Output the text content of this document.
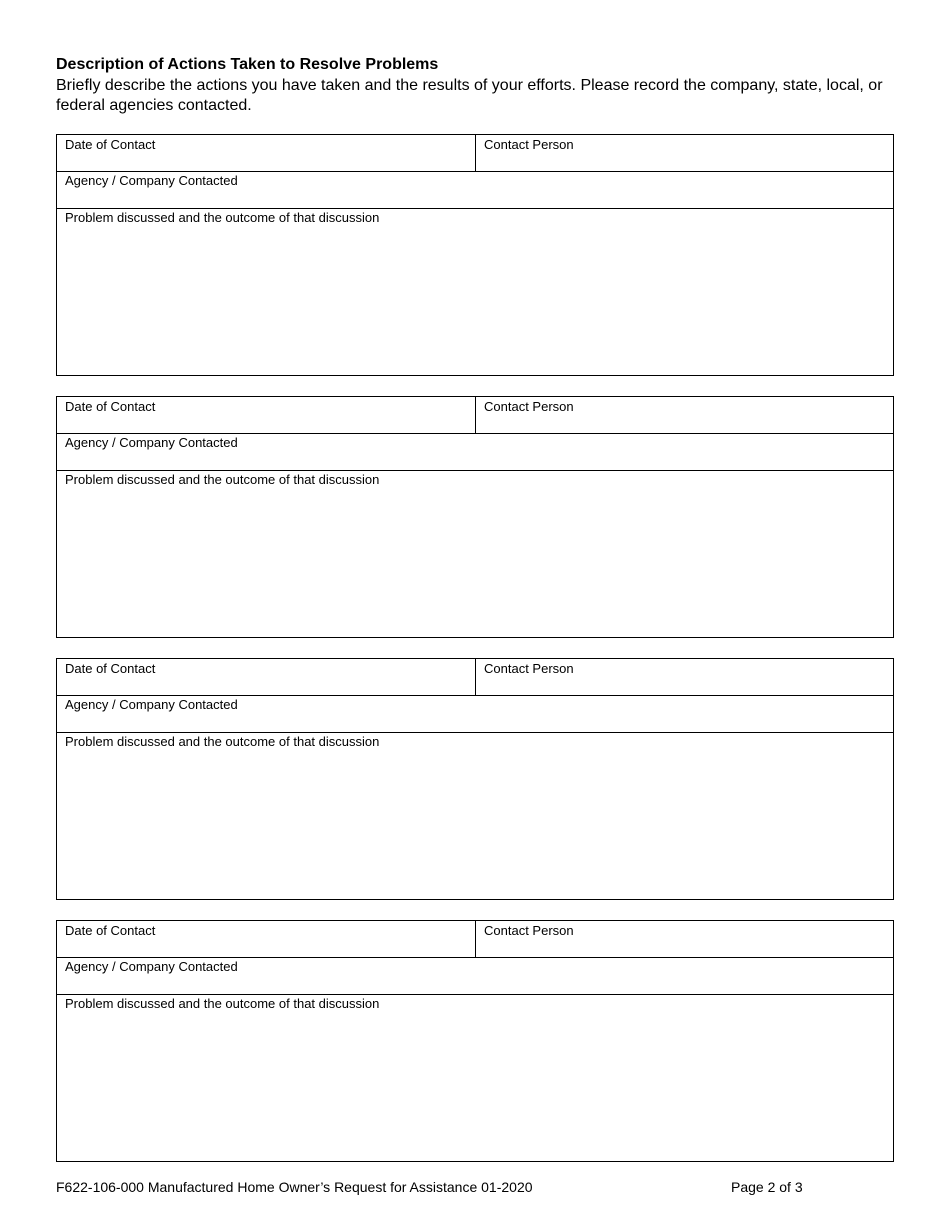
Description of Actions Taken to Resolve Problems
Briefly describe the actions you have taken and the results of your efforts. Please record the company, state, local, or federal agencies contacted.
Date of Contact	Contact Person
Agency / Company Contacted
Problem discussed and the outcome of that discussion
Date of Contact	Contact Person
Agency / Company Contacted
Problem discussed and the outcome of that discussion
Date of Contact	Contact Person
Agency / Company Contacted
Problem discussed and the outcome of that discussion
Date of Contact	Contact Person
Agency / Company Contacted
Problem discussed and the outcome of that discussion
F622-106-000 Manufactured Home Owner’s Request for Assistance 01-2020	Page 2 of 3
